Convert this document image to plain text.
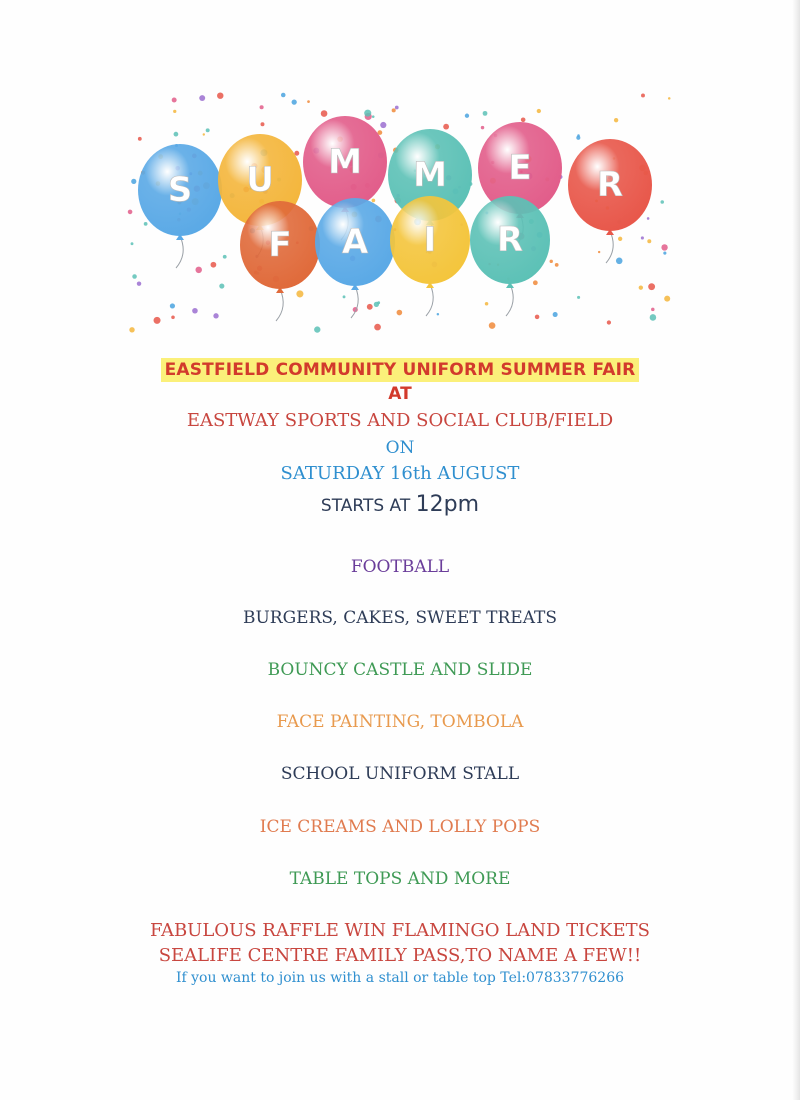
S U M M E R
F A I R
EASTFIELD COMMUNITY UNIFORM SUMMER FAIR
AT
EASTWAY SPORTS AND SOCIAL CLUB/FIELD
ON
SATURDAY 16th AUGUST
STARTS AT 12pm
FOOTBALL
BURGERS, CAKES, SWEET TREATS
BOUNCY CASTLE AND SLIDE
FACE PAINTING, TOMBOLA
SCHOOL UNIFORM STALL
ICE CREAMS AND LOLLY POPS
TABLE TOPS AND MORE
FABULOUS RAFFLE WIN FLAMINGO LAND TICKETS
SEALIFE CENTRE FAMILY PASS,TO NAME A FEW!!
If you want to join us with a stall or table top Tel:07833776266
